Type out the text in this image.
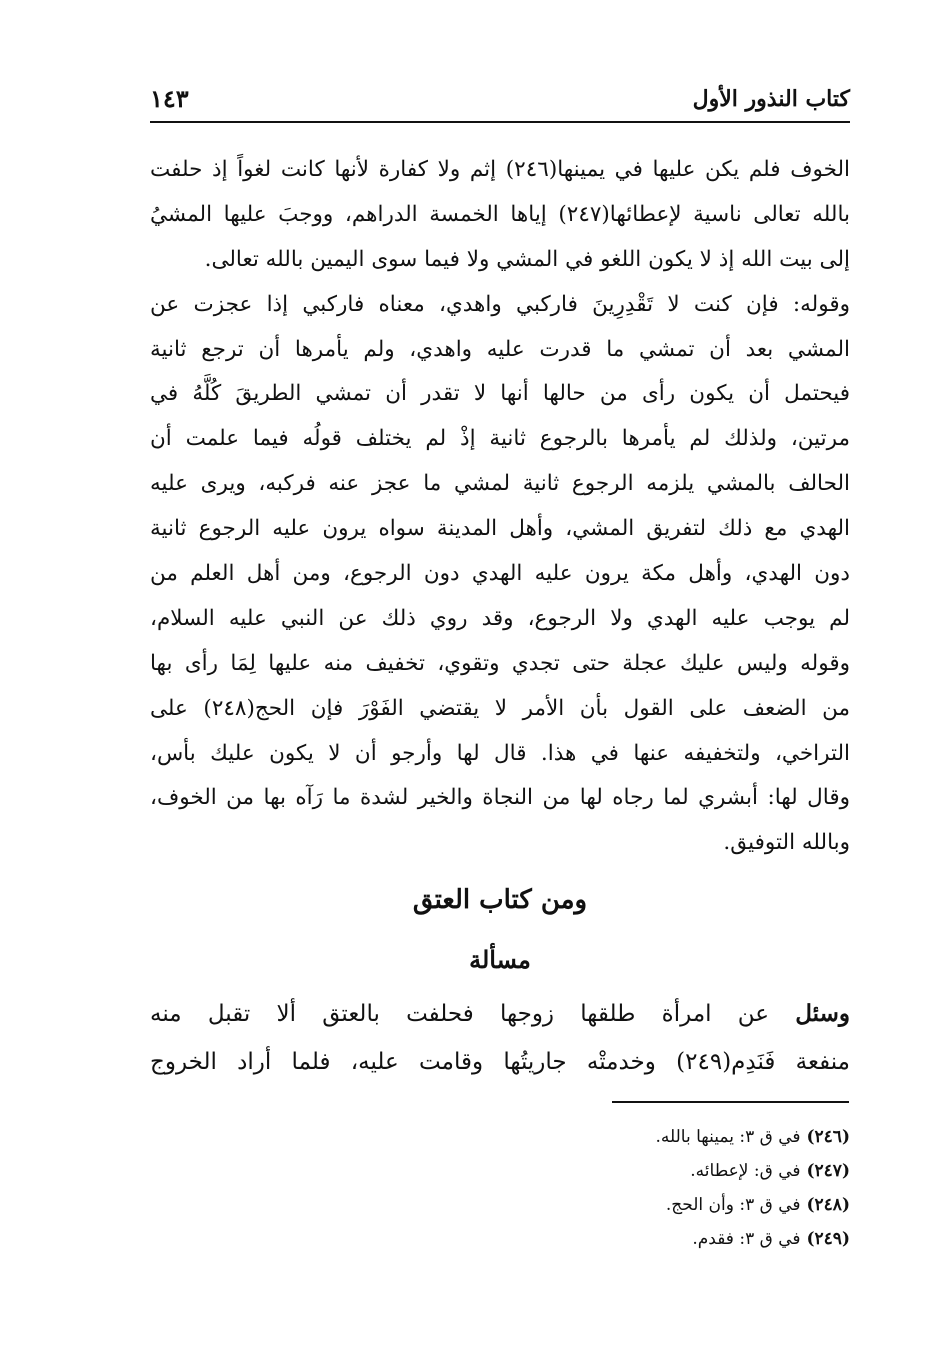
كتاب النذور الأول
١٤٣
الخوف فلم يكن عليها في يمينها(٢٤٦) إثم ولا كفارة لأنها كانت لغواً إذ حلفت
بالله تعالى ناسية لإعطائها(٢٤٧) إياها الخمسة الدراهم، ووجبَ عليها المشيُ
إلى بيت الله إذ لا يكون اللغو في المشي ولا فيما سوى اليمين بالله تعالى.
وقوله: فإن كنت لا تَقْدِرِينَ فاركبي واهدي، معناه فاركبي إذا عجزت عن
المشي بعد أن تمشي ما قدرت عليه واهدي، ولم يأمرها أن ترجع ثانية
فيحتمل أن يكون رأى من حالها أنها لا تقدر أن تمشي الطريقَ كُلَّهُ في
مرتين، ولذلك لم يأمرها بالرجوع ثانية إذْ لم يختلف قولُه فيما علمت أن
الحالف بالمشي يلزمه الرجوع ثانية لمشي ما عجز عنه فركبه، ويرى عليه
الهدي مع ذلك لتفريق المشي، وأهل المدينة سواه يرون عليه الرجوع ثانية
دون الهدي، وأهل مكة يرون عليه الهدي دون الرجوع، ومن أهل العلم من
لم يوجب عليه الهدي ولا الرجوع، وقد روي ذلك عن النبي عليه السلام،
وقوله وليس عليك عجلة حتى تجدي وتقوي، تخفيف منه عليها لِمَا رأى بها
من الضعف على القول بأن الأمر لا يقتضي الفَوْرَ فإن الحج(٢٤٨) على
التراخي، ولتخفيفه عنها في هذا. قال لها وأرجو أن لا يكون عليك بأس،
وقال لها: أبشري لما رجاه لها من النجاة والخير لشدة ما رَآه بها من الخوف،
وبالله التوفيق.
ومن كتاب العتق
مسألة
وسئل عن امرأة طلقها زوجها فحلفت بالعتق ألا تقبل منه
منفعة فَنَدِم(٢٤٩) وخدمتْه جاريتُها وقامت عليه، فلما أراد الخروج
(٢٤٦)في ق ٣: يمينها بالله.
(٢٤٧)في ق: لإعطائه.
(٢٤٨)في ق ٣: وأن الحج.
(٢٤٩)في ق ٣: فقدم.
